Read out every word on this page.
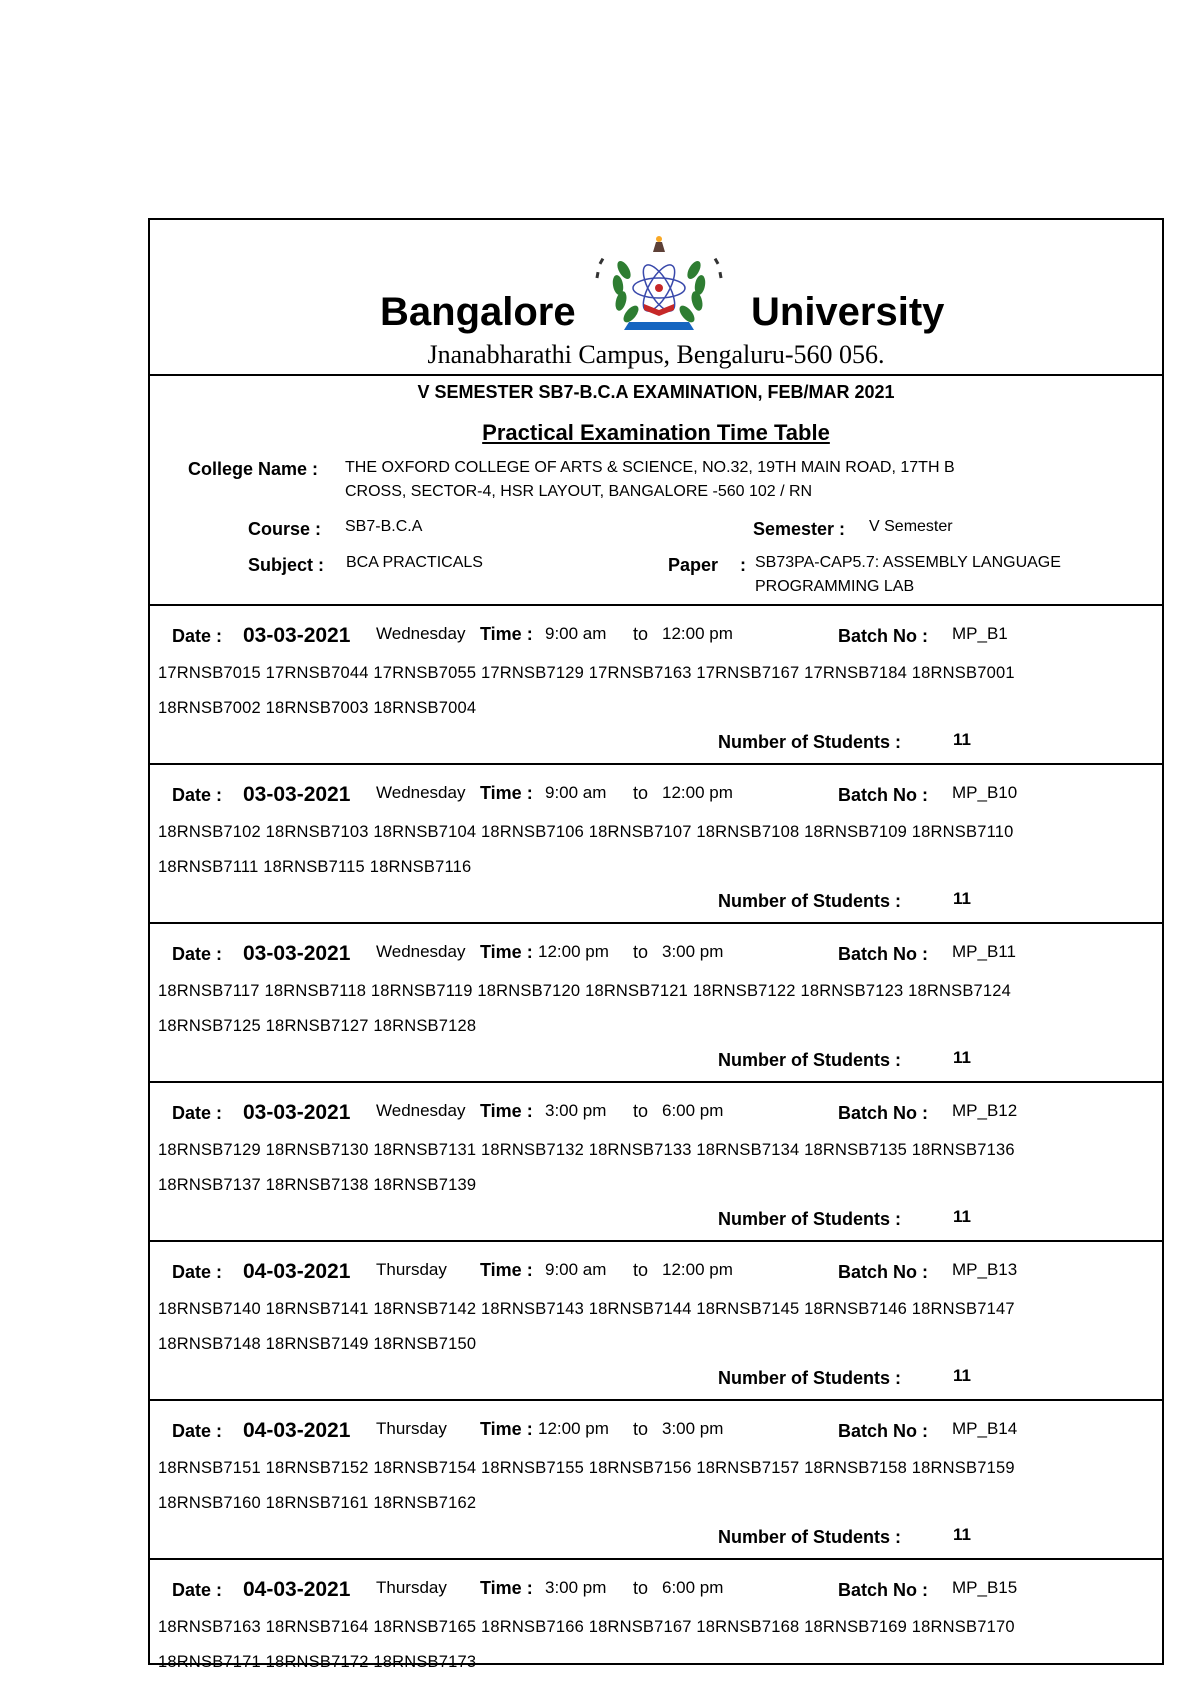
Bangalore	University
Jnanabharathi Campus, Bengaluru-560 056.
V SEMESTER SB7-B.C.A EXAMINATION, FEB/MAR 2021
Practical Examination Time Table
College Name : THE OXFORD COLLEGE OF ARTS & SCIENCE, NO.32, 19TH MAIN ROAD, 17TH B
CROSS, SECTOR-4, HSR LAYOUT, BANGALORE -560 102 / RN
Course : SB7-B.C.A	Semester : V Semester
Subject : BCA PRACTICALS	Paper : SB73PA-CAP5.7: ASSEMBLY LANGUAGE
PROGRAMMING LAB
Date : 03-03-2021 Wednesday Time : 9:00 am to 12:00 pm	Batch No : MP_B1
17RNSB7015 17RNSB7044 17RNSB7055 17RNSB7129 17RNSB7163 17RNSB7167 17RNSB7184 18RNSB7001
18RNSB7002 18RNSB7003 18RNSB7004
Number of Students :	11
Date : 03-03-2021 Wednesday Time : 9:00 am to 12:00 pm	Batch No : MP_B10
18RNSB7102 18RNSB7103 18RNSB7104 18RNSB7106 18RNSB7107 18RNSB7108 18RNSB7109 18RNSB7110
18RNSB7111 18RNSB7115 18RNSB7116
Number of Students :	11
Date : 03-03-2021 Wednesday Time : 12:00 pm to 3:00 pm	Batch No : MP_B11
18RNSB7117 18RNSB7118 18RNSB7119 18RNSB7120 18RNSB7121 18RNSB7122 18RNSB7123 18RNSB7124
18RNSB7125 18RNSB7127 18RNSB7128
Number of Students :	11
Date : 03-03-2021 Wednesday Time : 3:00 pm to 6:00 pm	Batch No : MP_B12
18RNSB7129 18RNSB7130 18RNSB7131 18RNSB7132 18RNSB7133 18RNSB7134 18RNSB7135 18RNSB7136
18RNSB7137 18RNSB7138 18RNSB7139
Number of Students :	11
Date : 04-03-2021 Thursday Time : 9:00 am to 12:00 pm	Batch No : MP_B13
18RNSB7140 18RNSB7141 18RNSB7142 18RNSB7143 18RNSB7144 18RNSB7145 18RNSB7146 18RNSB7147
18RNSB7148 18RNSB7149 18RNSB7150
Number of Students :	11
Date : 04-03-2021 Thursday Time : 12:00 pm to 3:00 pm	Batch No : MP_B14
18RNSB7151 18RNSB7152 18RNSB7154 18RNSB7155 18RNSB7156 18RNSB7157 18RNSB7158 18RNSB7159
18RNSB7160 18RNSB7161 18RNSB7162
Number of Students :	11
Date : 04-03-2021 Thursday Time : 3:00 pm to 6:00 pm	Batch No : MP_B15
18RNSB7163 18RNSB7164 18RNSB7165 18RNSB7166 18RNSB7167 18RNSB7168 18RNSB7169 18RNSB7170
18RNSB7171 18RNSB7172 18RNSB7173
